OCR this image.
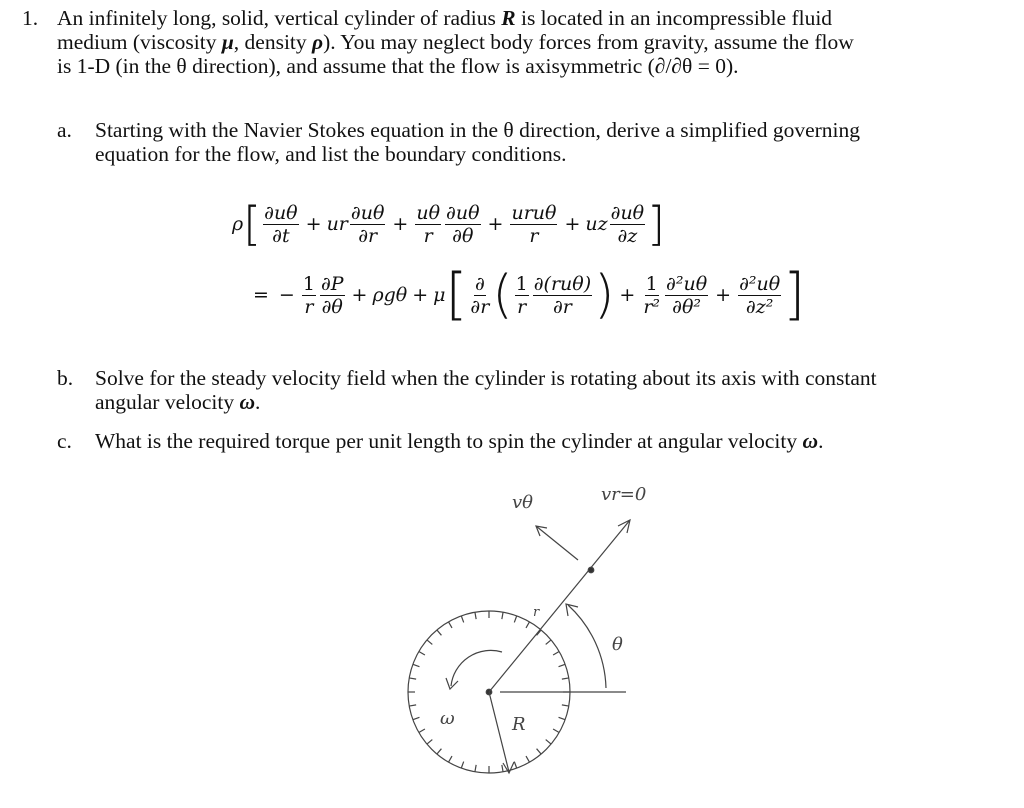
1. An infinitely long, solid, vertical cylinder of radius R is located in an incompressible fluid
medium (viscosity μ, density ρ). You may neglect body forces from gravity, assume the flow
is 1-D (in the θ direction), and assume that the flow is axisymmetric (∂/∂θ = 0).
a. Starting with the Navier Stokes equation in the θ direction, derive a simplified governing
equation for the flow, and list the boundary conditions.
ρ [ ∂uθ
∂t
+ ur
∂uθ
∂r
+ $\frac{u\theta}{r} \partial u\theta$
∂θ
+
uruθ
r
+ uz
∂uθ
∂z ]
= − $\frac{1}{r} \partial P$
∂θ
+ ρgθ + μ [ ∂
∂r ( 1
r
∂(ruθ)
∂r ) + $\frac{1}{\text{r²}} \partial^2u\theta$
∂θ²
+ $\frac{\text{∂²uθ}}{\text{∂z²}}$ ]
b. Solve for the steady velocity field when the cylinder is rotating about its axis with constant
angular velocity ω.
c. What is the required torque per unit length to spin the cylinder at angular velocity ω.
vθ	vr=0
θ
r
ω	R
